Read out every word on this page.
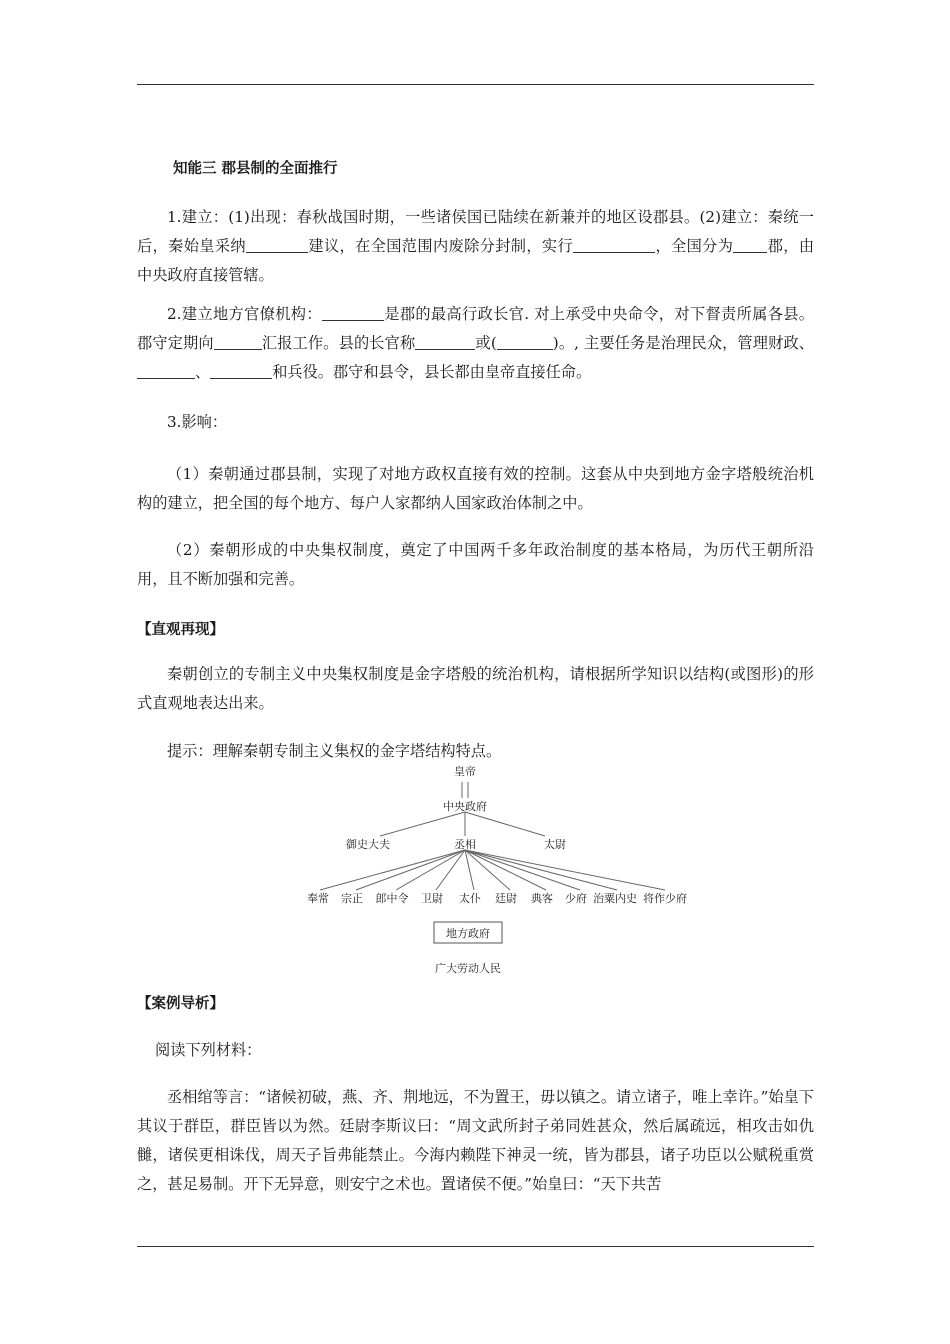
知能三 郡县制的全面推行

1.建立：(1)出现：春秋战国时期，一些诸侯国已陆续在新兼并的地区设郡县。(2)建立：秦统一后，秦始皇采纳	建议，在全国范围内废除分封制，实行	，全国分为 郡，由中央政府直接管辖。

2.建立地方官僚机构：	是郡的最高行政长官. 对上承受中央命令，对下督责所属各县。郡守定期向	汇报工作。县的长官称	或(	)。, 主要任务是治理民众，管理财政、、	和兵役。郡守和县令，县长都由皇帝直接任命。

3.影响：

（1）秦朝通过郡县制，实现了对地方政权直接有效的控制。这套从中央到地方金字塔般统治机构的建立，把全国的每个地方、每户人家都纳人国家政治体制之中。

（2）秦朝形成的中央集权制度，奠定了中国两千多年政治制度的基本格局，为历代王朝所沿用，且不断加强和完善。

【直观再现】

秦朝创立的专制主义中央集权制度是金字塔般的统治机构，请根据所学知识以结构(或图形)的形式直观地表达出来。

提示：理解秦朝专制主义集权的金字塔结构特点。

【案例导析】

阅读下列材料：

丞相绾等言：“诸候初破，燕、齐、荆地远，不为置王，毋以镇之。请立诸子，唯上幸许。”始皇下其议于群臣，群臣皆以为然。廷尉李斯议曰：“周文武所封子弟同姓甚众，然后属疏远，相攻击如仇雠，诸侯更相诛伐，周天子旨弗能禁止。今海内赖陛下神灵一统，皆为郡县，诸子功臣以公赋税重赏之，甚足易制。开下无异意，则安宁之术也。置诸侯不便。”始皇曰：“天下共苦

皇帝
中央政府
御史大夫	丞相	太尉
奉常 宗正 郎中令 卫尉 太仆 廷尉 典客 少府 治粟内史 将作少府
地方政府
广大劳动人民
